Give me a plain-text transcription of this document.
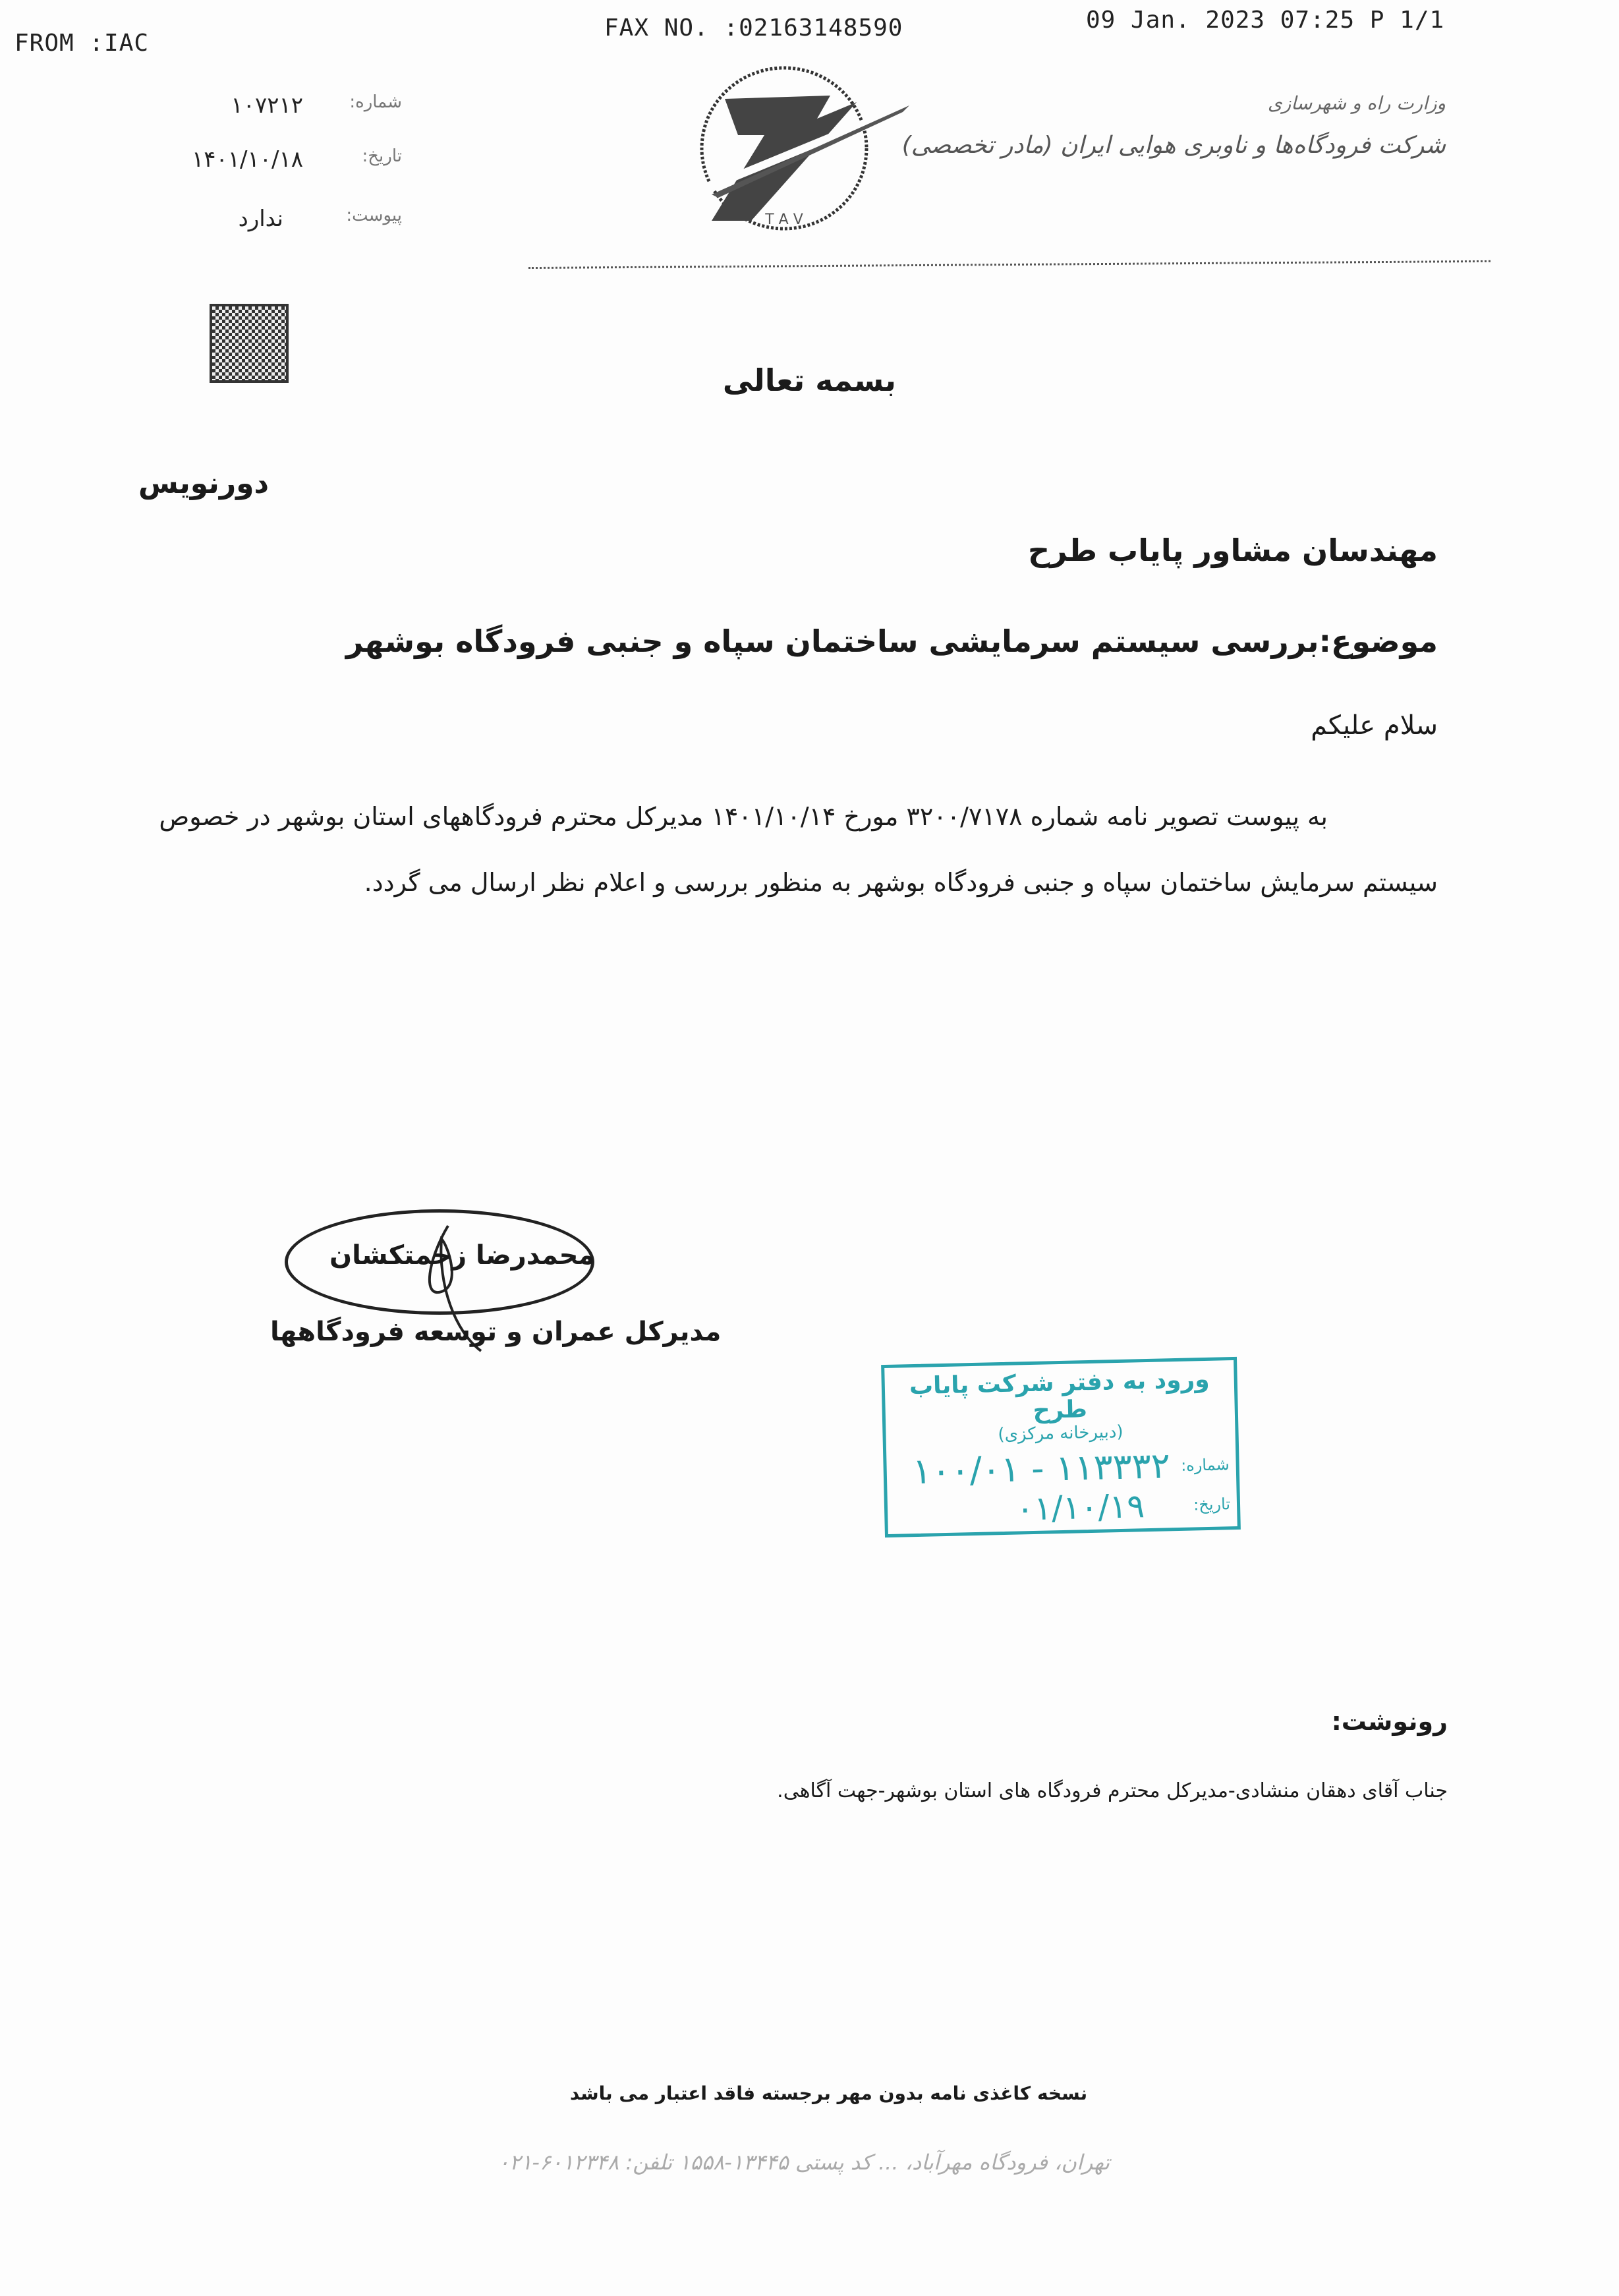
FROM :IAC
FAX NO. :02163148590	09 Jan. 2023 07:25 P 1/1
شماره:
۱۰۷۲۱۲
تاریخ:
۱۴۰۱/۱۰/۱۸
پیوست:
ندارد	T A V
وزارت راه و شهرسازی
شرکت فرودگاه‌ها و ناوبری هوایی ایران (مادر تخصصی)
بسمه تعالی
دورنویس
مهندسان مشاور پایاب طرح
موضوع:بررسی سیستم سرمایشی ساختمان سپاه و جنبی فرودگاه بوشهر
سلام علیکم
به پیوست تصویر نامه شماره ۳۲۰۰/۷۱۷۸ مورخ ۱۴۰۱/۱۰/۱۴ مدیرکل محترم فرودگاههای استان بوشهر در خصوص
سیستم سرمایش ساختمان سپاه و جنبی فرودگاه بوشهر به منظور بررسی و اعلام نظر ارسال می گردد.
محمدرضا زحمتکشان
مدیرکل عمران و توسعه فرودگاهها
ورود به دفتر شرکت پایاب طرح
(دبیرخانه مرکزی)
شماره:
۱۱۳۳۳۲ - ۱۰۰/۰۱
تاریخ:
۰۱/۱۰/۱۹
رونوشت:
جناب آقای دهقان منشادی-مدیرکل محترم فرودگاه های استان بوشهر-جهت آگاهی.
نسخه کاغذی نامه بدون مهر برجسته فاقد اعتبار می باشد
تهران، فرودگاه مهرآباد، ... کد پستی ۱۳۴۴۵-۱۵۵۸ تلفن: ۶۰۱۲۳۴۸-۰۲۱
